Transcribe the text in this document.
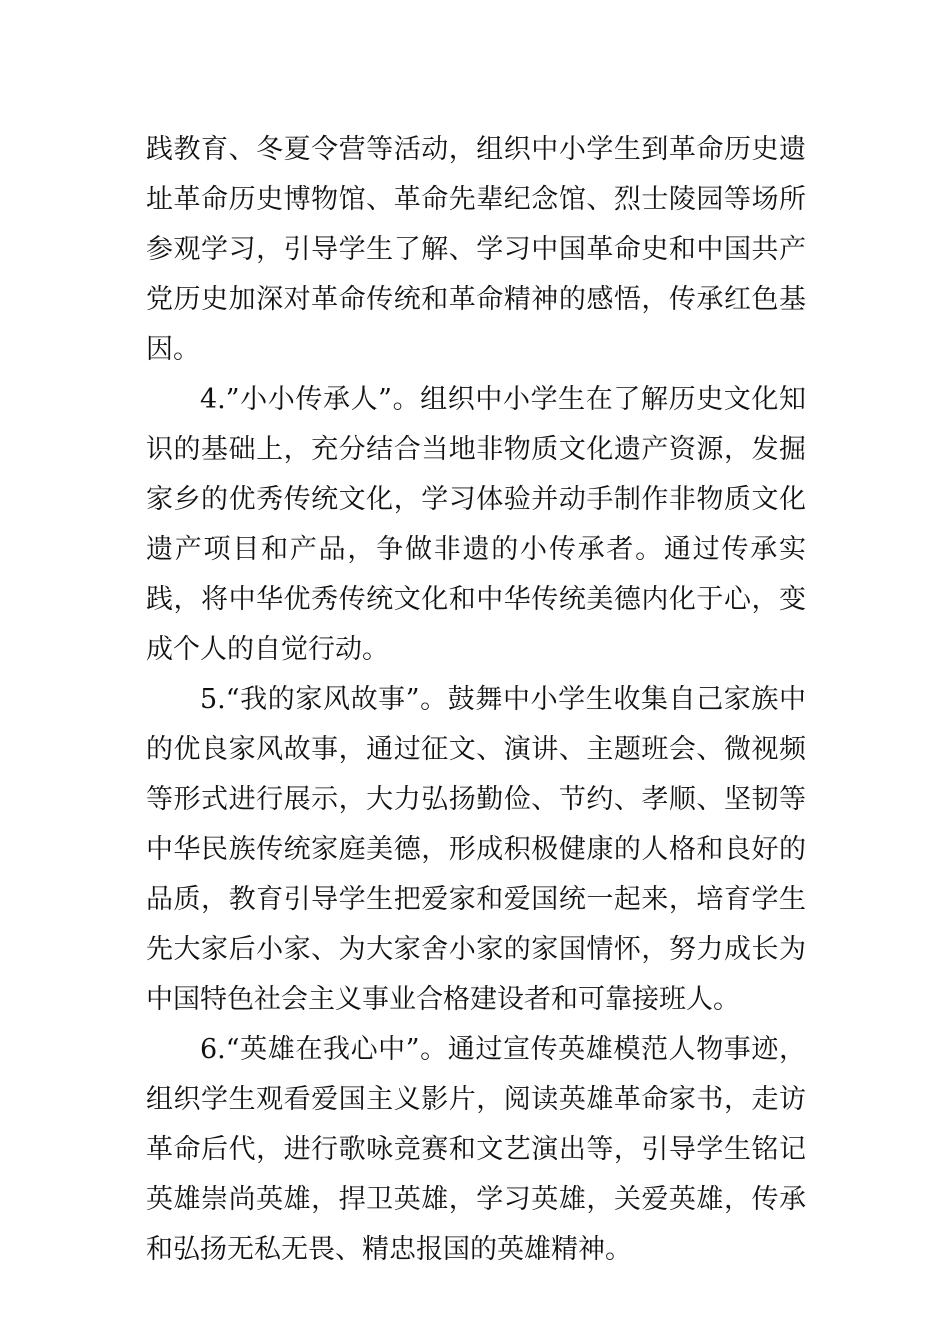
践教育、冬夏令营等活动，组织中小学生到革命历史遗址革命历史博物馆、革命先辈纪念馆、烈士陵园等场所参观学习，引导学生了解、学习中国革命史和中国共产党历史加深对革命传统和革命精神的感悟，传承红色基因。

4.”小小传承人”。组织中小学生在了解历史文化知识的基础上，充分结合当地非物质文化遗产资源，发掘家乡的优秀传统文化，学习体验并动手制作非物质文化遗产项目和产品，争做非遗的小传承者。通过传承实践，将中华优秀传统文化和中华传统美德内化于心，变成个人的自觉行动。

5.“我的家风故事”。鼓舞中小学生收集自己家族中的优良家风故事，通过征文、演讲、主题班会、微视频等形式进行展示，大力弘扬勤俭、节约、孝顺、坚韧等中华民族传统家庭美德，形成积极健康的人格和良好的品质，教育引导学生把爱家和爱国统一起来，培育学生先大家后小家、为大家舍小家的家国情怀，努力成长为中国特色社会主义事业合格建设者和可靠接班人。

6.“英雄在我心中”。通过宣传英雄模范人物事迹，组织学生观看爱国主义影片，阅读英雄革命家书，走访革命后代，进行歌咏竞赛和文艺演出等，引导学生铭记英雄崇尚英雄，捍卫英雄，学习英雄，关爱英雄，传承和弘扬无私无畏、精忠报国的英雄精神。
